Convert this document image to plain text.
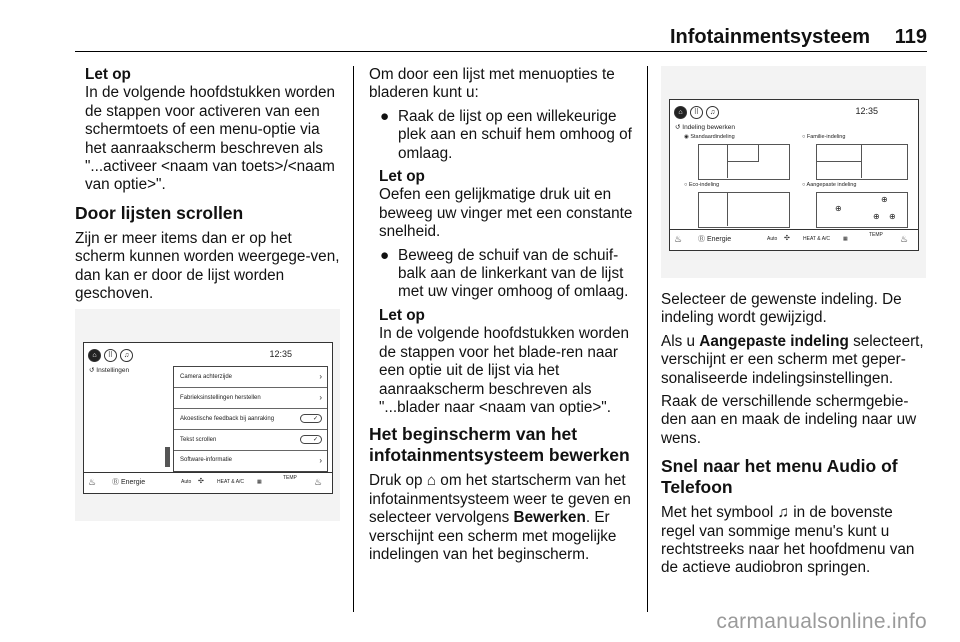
Infotainmentsysteem 119

Let op

In de volgende hoofdstukken worden de stappen voor activeren van een schermtoets of een menu-optie via het aanraakscherm beschreven als "...activeer <naam van toets>/<naam van optie>".

Door lijsten scrollen

Zijn er meer items dan er op het scherm kunnen worden weergege-ven, dan kan er door de lijst worden geschoven.

⌂	⠿	♫	12:35
↺ Instellingen
Camera achterzijde	›
Fabrieksinstellingen herstellen	›
Akoestische feedback bij aanraking	✓
Tekst scrollen	✓
Software-informatie	›
♨ Ⓡ Energie	Auto ✣	HEAT & A/C	▦
TEMP ♨

Om door een lijst met menuopties te bladeren kunt u:

● Raak de lijst op een willekeurige plek aan en schuif hem omhoog of omlaag.

Let op

Oefen een gelijkmatige druk uit en beweeg uw vinger met een constante snelheid.

● Beweeg de schuif van de schuif-balk aan de linkerkant van de lijst met uw vinger omhoog of omlaag.

Let op

In de volgende hoofdstukken worden de stappen voor het blade-ren naar een optie uit de lijst via het aanraakscherm beschreven als "...blader naar <naam van optie>".

Het beginscherm van het infotainmentsysteem bewerken

Druk op ⌂ om het startscherm van het infotainmentsysteem weer te geven en selecteer vervolgens Bewerken. Er verschijnt een scherm met mogelijke indelingen van het beginscherm.

⌂	⠿	♫	12:35
↺ Indeling bewerken
◉ Standaardindeling	○ Familie-indeling
○ Eco-indeling	○ Aangepaste indeling
⊕
⊕
⊕ ⊕
♨ Ⓡ Energie	Auto ✣	HEAT & A/C	▦
TEMP ♨

Selecteer de gewenste indeling. De indeling wordt gewijzigd.

Als u Aangepaste indeling selecteert, verschijnt er een scherm met geper-sonaliseerde indelingsinstellingen.

Raak de verschillende schermgebie-den aan en maak de indeling naar uw wens.

Snel naar het menu Audio of Telefoon

Met het symbool ♫ in de bovenste regel van sommige menu's kunt u rechtstreeks naar het hoofdmenu van de actieve audiobron springen.

carmanualsonline.info
